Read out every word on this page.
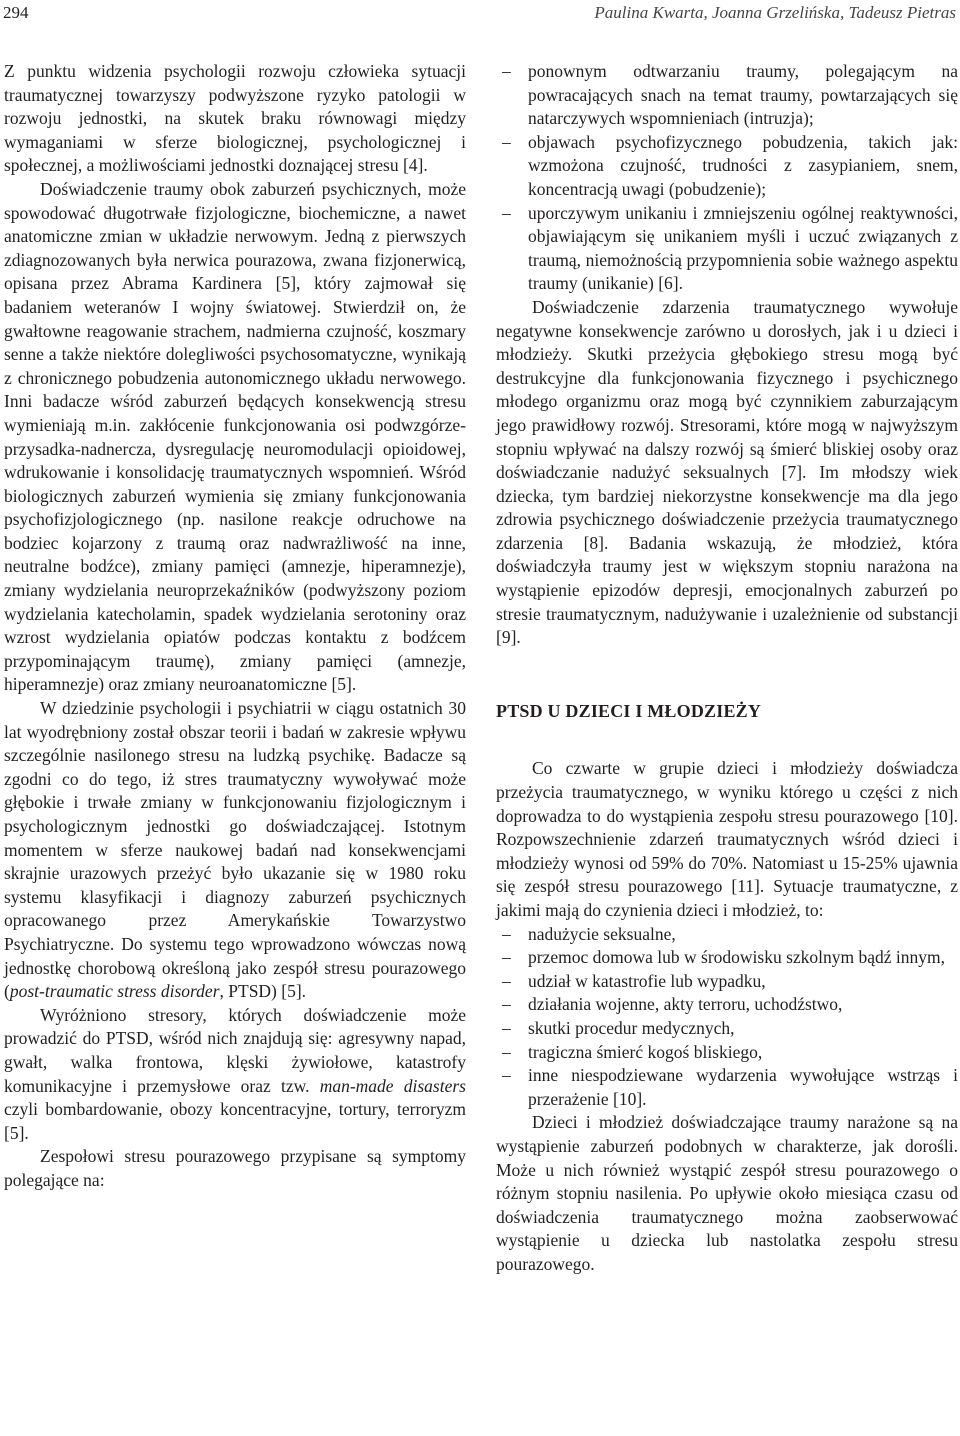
294	Paulina Kwarta, Joanna Grzelińska, Tadeusz Pietras

Z punktu widzenia psychologii rozwoju człowieka sytuacji traumatycznej towarzyszy podwyższone ryzyko patologii w rozwoju jednostki, na skutek braku równowagi między wymaganiami w sferze biologicznej, psychologicznej i społecznej, a możliwościami jednostki doznającej stresu [4].

Doświadczenie traumy obok zaburzeń psychicznych, może spowodować długotrwałe fizjologiczne, biochemiczne, a nawet anatomiczne zmian w układzie nerwowym. Jedną z pierwszych zdiagnozowanych była nerwica pourazowa, zwana fizjonerwicą, opisana przez Abrama Kardinera [5], który zajmował się badaniem weteranów I wojny światowej. Stwierdził on, że gwałtowne reagowanie strachem, nadmierna czujność, koszmary senne a także niektóre dolegliwości psychosomatyczne, wynikają z chronicznego pobudzenia autonomicznego układu nerwowego. Inni badacze wśród zaburzeń będących konsekwencją stresu wymieniają m.in. zakłócenie funkcjonowania osi podwzgórze-przysadka-nadnercza, dysregulację neuromodulacji opioidowej, wdrukowanie i konsolidację traumatycznych wspomnień. Wśród biologicznych zaburzeń wymienia się zmiany funkcjonowania psychofizjologicznego (np. nasilone reakcje odruchowe na bodziec kojarzony z traumą oraz nadwrażliwość na inne, neutralne bodźce), zmiany pamięci (amnezje, hiperamnezje), zmiany wydzielania neuroprzekaźników (podwyższony poziom wydzielania katecholamin, spadek wydzielania serotoniny oraz wzrost wydzielania opiatów podczas kontaktu z bodźcem przypominającym traumę), zmiany pamięci (amnezje, hiperamnezje) oraz zmiany neuroanatomiczne [5].

W dziedzinie psychologii i psychiatrii w ciągu ostatnich 30 lat wyodrębniony został obszar teorii i badań w zakresie wpływu szczególnie nasilonego stresu na ludzką psychikę. Badacze są zgodni co do tego, iż stres traumatyczny wywoływać może głębokie i trwałe zmiany w funkcjonowaniu fizjologicznym i psychologicznym jednostki go doświadczającej. Istotnym momentem w sferze naukowej badań nad konsekwencjami skrajnie urazowych przeżyć było ukazanie się w 1980 roku systemu klasyfikacji i diagnozy zaburzeń psychicznych opracowanego przez Amerykańskie Towarzystwo Psychiatryczne. Do systemu tego wprowadzono wówczas nową jednostkę chorobową określoną jako zespół stresu pourazowego (post-traumatic stress disorder, PTSD) [5].

Wyróżniono stresory, których doświadczenie może prowadzić do PTSD, wśród nich znajdują się: agresywny napad, gwałt, walka frontowa, klęski żywiołowe, katastrofy komunikacyjne i przemysłowe oraz tzw. man-made disasters czyli bombardowanie, obozy koncentracyjne, tortury, terroryzm [5].

Zespołowi stresu pourazowego przypisane są symptomy polegające na:

– ponownym odtwarzaniu traumy, polegającym na powracających snach na temat traumy, powtarzających się natarczywych wspomnieniach (intruzja);
– objawach psychofizycznego pobudzenia, takich jak: wzmożona czujność, trudności z zasypianiem, snem, koncentracją uwagi (pobudzenie);
– uporczywym unikaniu i zmniejszeniu ogólnej reaktywności, objawiającym się unikaniem myśli i uczuć związanych z traumą, niemożnością przypomnienia sobie ważnego aspektu traumy (unikanie) [6].

Doświadczenie zdarzenia traumatycznego wywołuje negatywne konsekwencje zarówno u dorosłych, jak i u dzieci i młodzieży. Skutki przeżycia głębokiego stresu mogą być destrukcyjne dla funkcjonowania fizycznego i psychicznego młodego organizmu oraz mogą być czynnikiem zaburzającym jego prawidłowy rozwój. Stresorami, które mogą w najwyższym stopniu wpływać na dalszy rozwój są śmierć bliskiej osoby oraz doświadczanie nadużyć seksualnych [7]. Im młodszy wiek dziecka, tym bardziej niekorzystne konsekwencje ma dla jego zdrowia psychicznego doświadczenie przeżycia traumatycznego zdarzenia [8]. Badania wskazują, że młodzież, która doświadczyła traumy jest w większym stopniu narażona na wystąpienie epizodów depresji, emocjonalnych zaburzeń po stresie traumatycznym, nadużywanie i uzależnienie od substancji [9].

PTSD U DZIECI I MŁODZIEŻY

Co czwarte w grupie dzieci i młodzieży doświadcza przeżycia traumatycznego, w wyniku którego u części z nich doprowadza to do wystąpienia zespołu stresu pourazowego [10]. Rozpowszechnienie zdarzeń traumatycznych wśród dzieci i młodzieży wynosi od 59% do 70%. Natomiast u 15-25% ujawnia się zespół stresu pourazowego [11]. Sytuacje traumatyczne, z jakimi mają do czynienia dzieci i młodzież, to:

– nadużycie seksualne,
– przemoc domowa lub w środowisku szkolnym bądź innym,
– udział w katastrofie lub wypadku,
– działania wojenne, akty terroru, uchodźstwo,
– skutki procedur medycznych,
– tragiczna śmierć kogoś bliskiego,
– inne niespodziewane wydarzenia wywołujące wstrząs i przerażenie [10].

Dzieci i młodzież doświadczające traumy narażone są na wystąpienie zaburzeń podobnych w charakterze, jak dorośli. Może u nich również wystąpić zespół stresu pourazowego o różnym stopniu nasilenia. Po upływie około miesiąca czasu od doświadczenia traumatycznego można zaobserwować wystąpienie u dziecka lub nastolatka zespołu stresu pourazowego.
